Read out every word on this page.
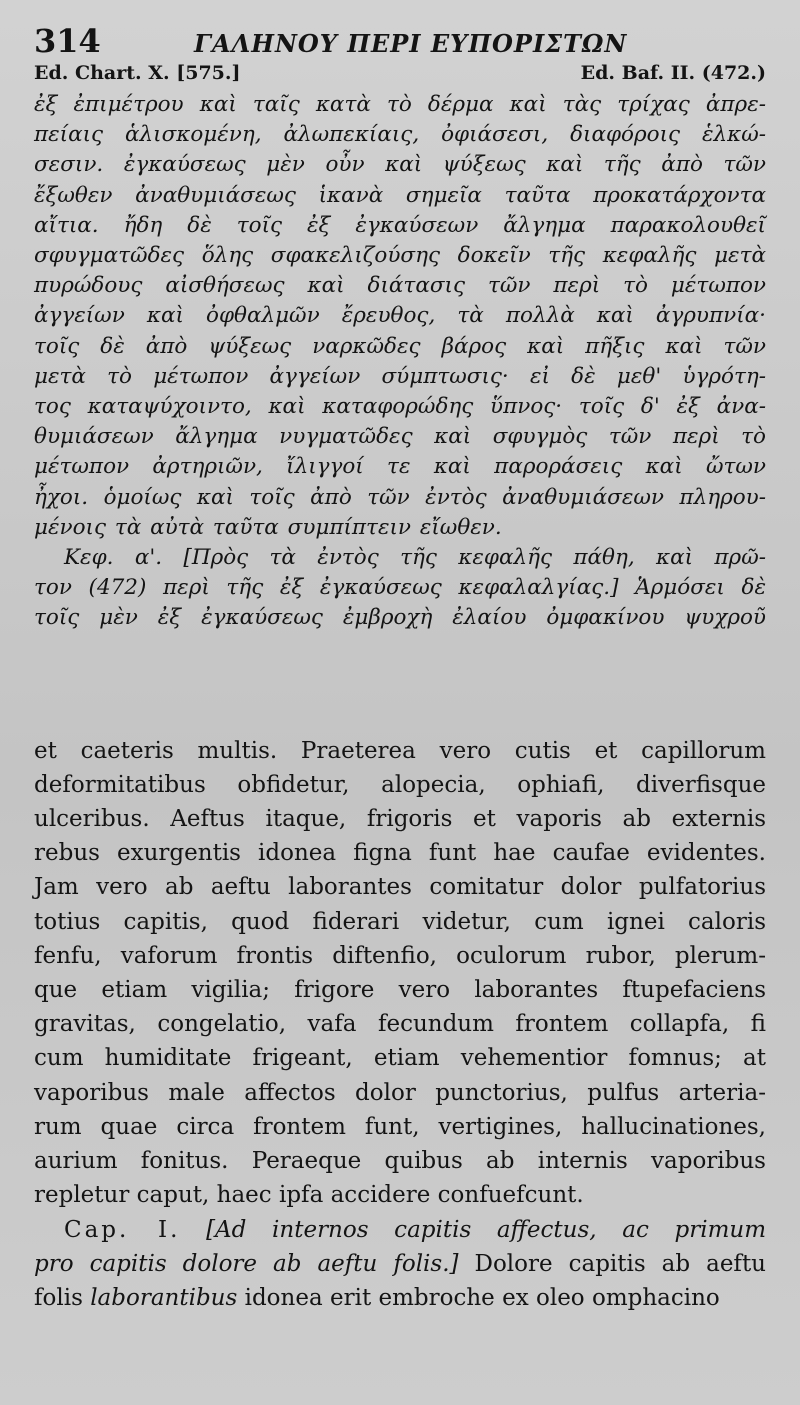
314	ΓΑΛΗΝΟΥ ΠΕΡΙ ΕΥΠΟΡΙΣΤΩΝ
Ed. Chart. X. [575.]	Ed. Baf. II. (472.)

ἐξ ἐπιμέτρου καὶ ταῖς κατὰ τὸ δέρμα καὶ τὰς τρίχας ἀπρε-

πείαις ἁλισκομένη, ἀλωπεκίαις, ὀφιάσεσι, διαφόροις ἑλκώ-

σεσιν. ἐγκαύσεως μὲν οὖν καὶ ψύξεως καὶ τῆς ἀπὸ τῶν

ἔξωθεν ἀναθυμιάσεως ἱκανὰ σημεῖα ταῦτα προκατάρχοντα

αἴτια. ἤδη δὲ τοῖς ἐξ ἐγκαύσεων ἄλγημα παρακολουθεῖ

σφυγματῶδες ὅλης σφακελιζούσης δοκεῖν τῆς κεφαλῆς μετὰ

πυρώδους αἰσθήσεως καὶ διάτασις τῶν περὶ τὸ μέτωπον

ἀγγείων καὶ ὀφθαλμῶν ἔρευθος, τὰ πολλὰ καὶ ἀγρυπνία·

τοῖς δὲ ἀπὸ ψύξεως ναρκῶδες βάρος καὶ πῆξις καὶ τῶν

μετὰ τὸ μέτωπον ἀγγείων σύμπτωσις· εἰ δὲ μεθ' ὑγρότη-

τος καταψύχοιντο, καὶ καταφορώδης ὕπνος· τοῖς δ' ἐξ ἀνα-

θυμιάσεων ἄλγημα νυγματῶδες καὶ σφυγμὸς τῶν περὶ τὸ

μέτωπον ἀρτηριῶν, ἴλιγγοί τε καὶ παροράσεις καὶ ὤτων

ἦχοι. ὁμοίως καὶ τοῖς ἀπὸ τῶν ἐντὸς ἀναθυμιάσεων πληρου-

μένοις τὰ αὐτὰ ταῦτα συμπίπτειν εἴωθεν.

Κεφ. α'. [Πρὸς τὰ ἐντὸς τῆς κεφαλῆς πάθη, καὶ πρῶ-

τον (472) περὶ τῆς ἐξ ἐγκαύσεως κεφαλαλγίας.] Ἁρμόσει δὲ

τοῖς μὲν ἐξ ἐγκαύσεως ἐμβροχὴ ἐλαίου ὀμφακίνου ψυχροῦ

et caeteris multis. Praeterea vero cutis et capillorum

deformitatibus obfidetur, alopecia, ophiafi, diverfisque

ulceribus. Aeftus itaque, frigoris et vaporis ab externis

rebus exurgentis idonea figna funt hae caufae evidentes.

Jam vero ab aeftu laborantes comitatur dolor pulfatorius

totius capitis, quod fiderari videtur, cum ignei caloris

fenfu, vaforum frontis diftenfio, oculorum rubor, plerum-

que etiam vigilia; frigore vero laborantes ftupefaciens

gravitas, congelatio, vafa fecundum frontem collapfa, fi

cum humiditate frigeant, etiam vehementior fomnus; at

vaporibus male affectos dolor punctorius, pulfus arteria-

rum quae circa frontem funt, vertigines, hallucinationes,

aurium fonitus. Peraeque quibus ab internis vaporibus

repletur caput, haec ipfa accidere confuefcunt.

Cap. I. [Ad internos capitis affectus, ac primum

pro capitis dolore ab aeftu folis.] Dolore capitis ab aeftu

folis laborantibus idonea erit embroche ex oleo omphacino
